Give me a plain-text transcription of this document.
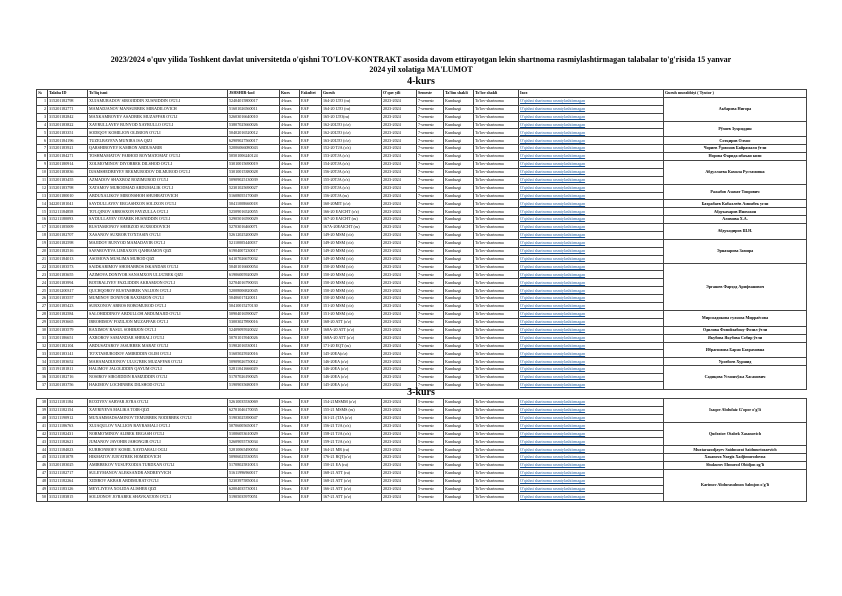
2023/2024 o'quv yilida Toshkent davlat universitetda o'qishni TO'LOV-KONTRAKT asosida davom ettirayotgan lekin shartnoma rasmiylashtirmagan talabalar to'g'risida 15 yanvar
2024 yil xolatiga MA'LUMOT
4-kurs
№	Talaba ID	To'liq ismi	JSHSHIR-kod	Kurs	Fakultet	Guruh	O'quv yili	Semestr	Ta'lim shakli	To'lov shakli	Izox	Guruh murabbiyi ( Tyutor )
1	315201182798	XUJAMURADOV SIROJIDDIN XUSNIDDIN O'G'LI	52404015800017	4-kurs	EAF	164-20 LTO (ru)	2023-2024	7-semestr	Kunduzgi	To'lov-shartnoma	O'qishni shartnoma rasmiylashtirmagan	Акбарова Нигора
2	315201182771	MAMADJANOV MANSURBEK MIRADILOVICH	51601026560011	4-kurs	EAF	164-20 LTO (ru)	2023-2024	7-semestr	Kunduzgi	To'lov-shartnoma	O'qishni shartnoma rasmiylashtirmagan	
3	315201182842	MAXKAMBOYEV ASADBEK MUZAFFAR O'G'LI	52603016640010	4-kurs	EAF	165-20 LTO(ru)	2023-2024	7-semestr	Kunduzgi	To'lov-shartnoma	O'qishni shartnoma rasmiylashtirmagan	
4	315201183822	XAYRULLAYEV BUNYOD XAYRULLO O'G'LI	53807025660026	4-kurs	EAF	162-20LTO (o'z)	2023-2024	7-semestr	Kunduzgi	To'lov-shartnoma	O'qishni shartnoma rasmiylashtirmagan	Рўзиев Зухриддин
5	315201183351	SODIQOV KOMILJON OLIMJON O'G'LI	50402016520012	4-kurs	EAF	162-20LTO (o'z)	2023-2024	7-semestr	Kunduzgi	To'lov-shartnoma	O'qishni shartnoma rasmiylashtirmagan	
6	315201184196	TUZELBAYEVA MUNIRA ISA QIZI	62909027560017	4-kurs	EAF	163-20LTO (o'z)	2023-2024	7-semestr	Kunduzgi	To'lov-shartnoma	O'qishni shartnoma rasmiylashtirmagan	Сотқиров Олмос
7	315201183921	QARSHIBOYEV KAMRON ABDUSABIR	52006066080043	4-kurs	EAF	152-20 TJA (o'z)	2023-2024	7-semestr	Kunduzgi	To'lov-shartnoma	O'qishni shartnoma rasmiylashtirmagan	Чориев Ўрмонов Байрамали ўғли
8	315201184271	TOSHMAMATOV FARHOD BOYMATOMAT O'G'LI	50501006240124	4-kurs	EAF	153-20TJA (o'z)	2023-2024	7-semestr	Kunduzgi	To'lov-shartnoma	O'qishni shartnoma rasmiylashtirmagan	Норова Фарида ибаъаи кизи
9	315201180914	XOLMO'MINOV DIYORBEK DILSHOD O'G'LI	53010015690019	4-kurs	EAF	154-20TJA (o'z)	2023-2024	7-semestr	Kunduzgi	To'lov-shartnoma	O'qishni shartnoma rasmiylashtirmagan	Абдуллаева Камола Рустамовна
10	315201183836	DJAMSHEDBEYEV BEKMURODOV DILMUROD O'G'LI	53010015380028	4-kurs	EAF	156-20TJA (o'z)	2023-2024	7-semestr	Kunduzgi	To'lov-shartnoma	O'qishni shartnoma rasmiylashtirmagan	
11	315201183455	AZMADOV SHAXBOZ BOZIMUROD O'G'LI	50909025130039	4-kurs	EAF	155-20TJA (o'z)	2023-2024	7-semestr	Kunduzgi	To'lov-shartnoma	O'qishni shartnoma rasmiylashtirmagan	
12	315201183798	XATAMOV MURODMAD ABDUMALIK O'G'LI	52301025690027	4-kurs	EAF	155-20TJA (o'z)	2023-2024	7-semestr	Kunduzgi	To'lov-shartnoma	O'qishni shartnoma rasmiylashtirmagan	Ражабов Азамат Тоирович
13	315201180010	ABDUXALIKOV MIRONSHOH SHUHRATOVICH	51608055170049	4-kurs	EAF	156-20TJA (ru)	2023-2024	7-semestr	Kunduzgi	To'lov-shartnoma	O'qishni shartnoma rasmiylashtirmagan	
14	342201181041	SAYDULLAYEV ERGASHXON SOLIXON O'G'LI	50411008660018	4-kurs	EAF	160-20MIT (o'z)	2023-2024	7-semestr	Kunduzgi	To'lov-shartnoma	O'qishni shartnoma rasmiylashtirmagan	Бахрабаев Кабаллеёв Аминбек угли
15	315211184858	TO'LQINOV ABROSXON FAYZULLA O'G'LI	52509016520055	4-kurs	EAF	166-20 EAICHT (o'z)	2023-2024	7-semestr	Kunduzgi	To'lov-shartnoma	O'qishni shartnoma rasmiylashtirmagan	Абдукахаров Иномжон
16	315211180093	SA'DULLAYEV OTABEK HUSNIDDIN O'G'LI	52905016590029	4-kurs	EAF	167-20 EAICHT (ru)	2023-2024	7-semestr	Kunduzgi	To'lov-shartnoma	O'qishni shartnoma rasmiylashtirmagan	Алимова Х.А.
17	315201185009	RUSTAMJONOV SHERZOD SUXRODOVICH	52703016460071	4-kurs	EAF	167A-20EAICHT (ru)	2023-2024	7-semestr	Kunduzgi	To'lov-shartnoma	O'qishni shartnoma rasmiylashtirmagan	Абдукодиров Ш.Н.
18	315201182707	XASANOV SUXROB TO'XTASIN O'G'LI	52612025200029	4-kurs	EAF	149-20 MSM (o'z)	2023-2024	7-semestr	Kunduzgi	To'lov-shartnoma	O'qishni shartnoma rasmiylashtirmagan	
19	315201182598	MAJIDOV BUNYOD MAMADAYIB O'G'LI	52110005440037	4-kurs	EAF	149-20 MSM (o'z)	2023-2024	7-semestr	Kunduzgi	To'lov-shartnoma	O'qishni shartnoma rasmiylashtirmagan	Эрназарова Замира
20	315201182516	SAFAROVEVA LIMIAXON QAHRAMON QIZI	61904007230017	4-kurs	EAF	149-20 MSM (o'z)	2023-2024	7-semestr	Kunduzgi	To'lov-shartnoma	O'qishni shartnoma rasmiylashtirmagan	
21	315201184013	ASOMOVA MUSLIMA MUROD QIZI	64107026670032	4-kurs	EAF	149-20 MSM (o'z)	2023-2024	7-semestr	Kunduzgi	To'lov-shartnoma	O'qishni shartnoma rasmiylashtirmagan	
22	315201183573	SAIDKARIMOV SHOHABBOS ISKANDAR O'G'LI	50401016600054	4-kurs	EAF	150-20 MSM (o'z)	2023-2024	7-semestr	Kunduzgi	To'lov-shartnoma	O'qishni shartnoma rasmiylashtirmagan	Эргашев Фарҳод Арифханович
23	315201183655	AZIMOVA DONIYOR SANAMXON ULUG'BEK QIZI	61906005920029	4-kurs	EAF	150-20 MSM (o'z)	2023-2024	7-semestr	Kunduzgi	To'lov-shartnoma	O'qishni shartnoma rasmiylashtirmagan	
24	315201183994	BOTIRALIYEV FAZLIDDIN AKRAMJON O'G'LI	52704016790033	4-kurs	EAF	150-20 MSM (o'z)	2023-2024	7-semestr	Kunduzgi	To'lov-shartnoma	O'qishni shartnoma rasmiylashtirmagan	
25	315201200317	QUCHQOROV RUSTAMBEK VALIJON O'G'LI	52008006820045	4-kurs	EAF	150-20 MSM (o'z)	2023-2024	7-semestr	Kunduzgi	To'lov-shartnoma	O'qishni shartnoma rasmiylashtirmagan	
26	315201183557	MUMINOV DONIYOR RAXIMJON O'G'LI	50406017420011	4-kurs	EAF	150-20 MSM (o'z)	2023-2024	7-semestr	Kunduzgi	To'lov-shartnoma	O'qishni shartnoma rasmiylashtirmagan	
27	315201185423	SUBXONOV ABBOS BOBOMUROD O'G'LI	50410015270130	4-kurs	EAF	151-20 MSM (o'z)	2023-2024	7-semestr	Kunduzgi	To'lov-shartnoma	O'qishni shartnoma rasmiylashtirmagan	
28	315201182584	SALOHIDDINOV ABDULLOH ABDUMAJID O'G'LI	50904016590027	4-kurs	EAF	151-20 MSM (o'z)	2023-2024	7-semestr	Kunduzgi	To'lov-shartnoma	O'qishni shartnoma rasmiylashtirmagan	Мирсоадикова гулноза Мирраёсова
29	315201193665	IBROHIMOV FOZILJON MUZAFFAR O'G'LI	53003027890016	4-kurs	EAF	168-20 ATT (o'z)	2023-2024	7-semestr	Kunduzgi	To'lov-shartnoma	O'qishni shartnoma rasmiylashtirmagan	
30	315201183579	RAXIMOV RASUL SOHIBJON O'G'LI	52409095920022	4-kurs	EAF	168A-20 ATT (o'z)	2023-2024	7-semestr	Kunduzgi	To'lov-shartnoma	O'qishni shartnoma rasmiylashtirmagan	Одилова Фозийлабону Фозил ўғли
31	315201186651	AXROROV SAMANDAR SHERALI O'G'LI	50701015940026	4-kurs	EAF	168A-20 ATT (o'z)	2023-2024	7-semestr	Kunduzgi	To'lov-shartnoma	O'qishni shartnoma rasmiylashtirmagan	Якубова Якубова Собир ўғли
32	315201182104	ABDUSATAROV JASURBEK MARAT O'G'LI	51902016530011	4-kurs	EAF	171-20 EQT (ru)	2023-2024	7-semestr	Kunduzgi	To'lov-shartnoma	O'qishni shartnoma rasmiylashtirmagan	Ибрагимова Барно Бахрамовна
33	315201183141	TO'XTAMURODOV AMIRIDDIN OLIM O'G'LI	51605025920016	4-kurs	EAF	145-20EA(o'z)	2023-2024	7-semestr	Kunduzgi	To'lov-shartnoma	O'qishni shartnoma rasmiylashtirmagan	
34	315201183652	MAHAMADIJONOV ULUG'BEK MUZAFFAR O'G'LI	50909026750012	4-kurs	EAF	146-20EA (o'z)	2023-2024	7-semestr	Kunduzgi	To'lov-shartnoma	O'qishni shartnoma rasmiylashtirmagan	Урозбоев Хуршид
35	315191181811	HALIMOV JALOLIDDIN QAYUM O'G'LI	52811041666029	4-kurs	EAF	146-20EA (o'z)	2023-2024	7-semestr	Kunduzgi	To'lov-shartnoma	O'qishni shartnoma rasmiylashtirmagan	Садиқова Усмонхўжа Хасанович
36	315201182716	NOSIROV SIROJIDDIN RAMZIDDIN O'G'LI	51707026190025	4-kurs	EAF	146-20EA (o'z)	2023-2024	7-semestr	Kunduzgi	To'lov-shartnoma	O'qishni shartnoma rasmiylashtirmagan	
37	315201183756	HAKIMOV LOCHINBEK DILSHOD O'G'LI	51909035680019	4-kurs	EAF	145-20EA (o'z)	2023-2024	7-semestr	Kunduzgi	To'lov-shartnoma	O'qishni shartnoma rasmiylashtirmagan	
3-kurs
38	315211181184	RO'ZIYEV SARVAR JO'RA O'G'LI	52610035530069	3-kurs	EAF	154-21MSMM (o'z)	2023-2024	5-semestr	Kunduzgi	To'lov-shartnoma	O'qishni shartnoma rasmiylashtirmagan	Isaqov Abdufaiz G'opor o'g'li
39	315211182154	XAYRIYEVA MALIKA TOIR-QIZI	62701046170035	3-kurs	EAF	155-21 MSMS (ru)	2023-2024	5-semestr	Kunduzgi	To'lov-shartnoma	O'qishni shartnoma rasmiylashtirmagan	
40	315211190912	MUXAMMADSAMINOV TEMURBEK NODIRBEK O'G'LI	51903025390047	3-kurs	EAF	161-21 (TJA (o'z)	2023-2024	5-semestr	Kunduzgi	To'lov-shartnoma	O'qishni shartnoma rasmiylashtirmagan	
41	315211186763	XUJAQULOV YALLION BAYRAMALI O'G'LI	50706005650017	3-kurs	EAF	156-21 TJA (o'z)	2023-2024	5-semestr	Kunduzgi	To'lov-shartnoma	O'qishni shartnoma rasmiylashtirmagan	Qudratov Otabek Xasanovich
42	315211182431	NORMO'MINOV ALIBEK ERGASH O'G'LI	51006053610029	3-kurs	EAF	158-21 TJA (o'z)	2023-2024	5-semestr	Kunduzgi	To'lov-shartnoma	O'qishni shartnoma rasmiylashtirmagan	
43	315211182621	JUMANOV JAVOHIR JAHONGIR O'G'LI	52609055730034	3-kurs	EAF	159-21 TJA (o'z)	2023-2024	5-semestr	Kunduzgi	To'lov-shartnoma	O'qishni shartnoma rasmiylashtirmagan	
44	315211184023	KURBONBOEV KOMIL XAYDARALI OGLI	52810065490054	3-kurs	EAF	164-21 MR (ru)	2023-2024	5-semestr	Kunduzgi	To'lov-shartnoma	O'qishni shartnoma rasmiylashtirmagan	Muxtarazodjayev Saidmurat Saidmurtozaevich
45	315211181078	HIKMATOV JUR'ATBEK HOMIDOVICH	50906025530053	3-kurs	EAF	176-21 RQT(o'z)	2023-2024	5-semestr	Kunduzgi	To'lov-shartnoma	O'qishni shartnoma rasmiylashtirmagan	Xasanova Nargiz Xadjimurodovna
46	315201183025	AMIRBEKOV YUSUFXODJA TURDXAN O'G'LI	51708025810013	3-kurs	EAF	150-21 EA (ru)	2023-2024	5-semestr	Kunduzgi	To'lov-shartnoma	O'qishni shartnoma rasmiylashtirmagan	Shukurov Elmurod Obidjon og'li
47	315211182717	SULEYMANOV ALEKSANDR ANDREYVICH	51611996960017	3-kurs	EAF	168-21 ATT (ru)	2023-2024	5-semestr	Kunduzgi	To'lov-shartnoma	O'qishni shartnoma rasmiylashtirmagan	Karimov Abdurasulmon Salmjon o'g'li
48	315211182264	XIDIROV AKBAR ABDIMURAT O'G'LI	52303975850014	3-kurs	EAF	168-21 ATT (o'z)	2023-2024	5-semestr	Kunduzgi	To'lov-shartnoma	O'qishni shartnoma rasmiylashtirmagan	
49	315211183126	MEYLIYEVA XOLIDA ALISHER QIZI	62004035730011	3-kurs	EAF	166-21 ATT (o'z)	2023-2024	5-semestr	Kunduzgi	To'lov-shartnoma	O'qishni shartnoma rasmiylashtirmagan	
50	315211183815	SOLIJONOV JO'RABEK SHAVKATJON O'G'LI	51905035970051	3-kurs	EAF	167-21 ATT (o'z)	2023-2024	5-semestr	Kunduzgi	To'lov-shartnoma	O'qishni shartnoma rasmiylashtirmagan	
